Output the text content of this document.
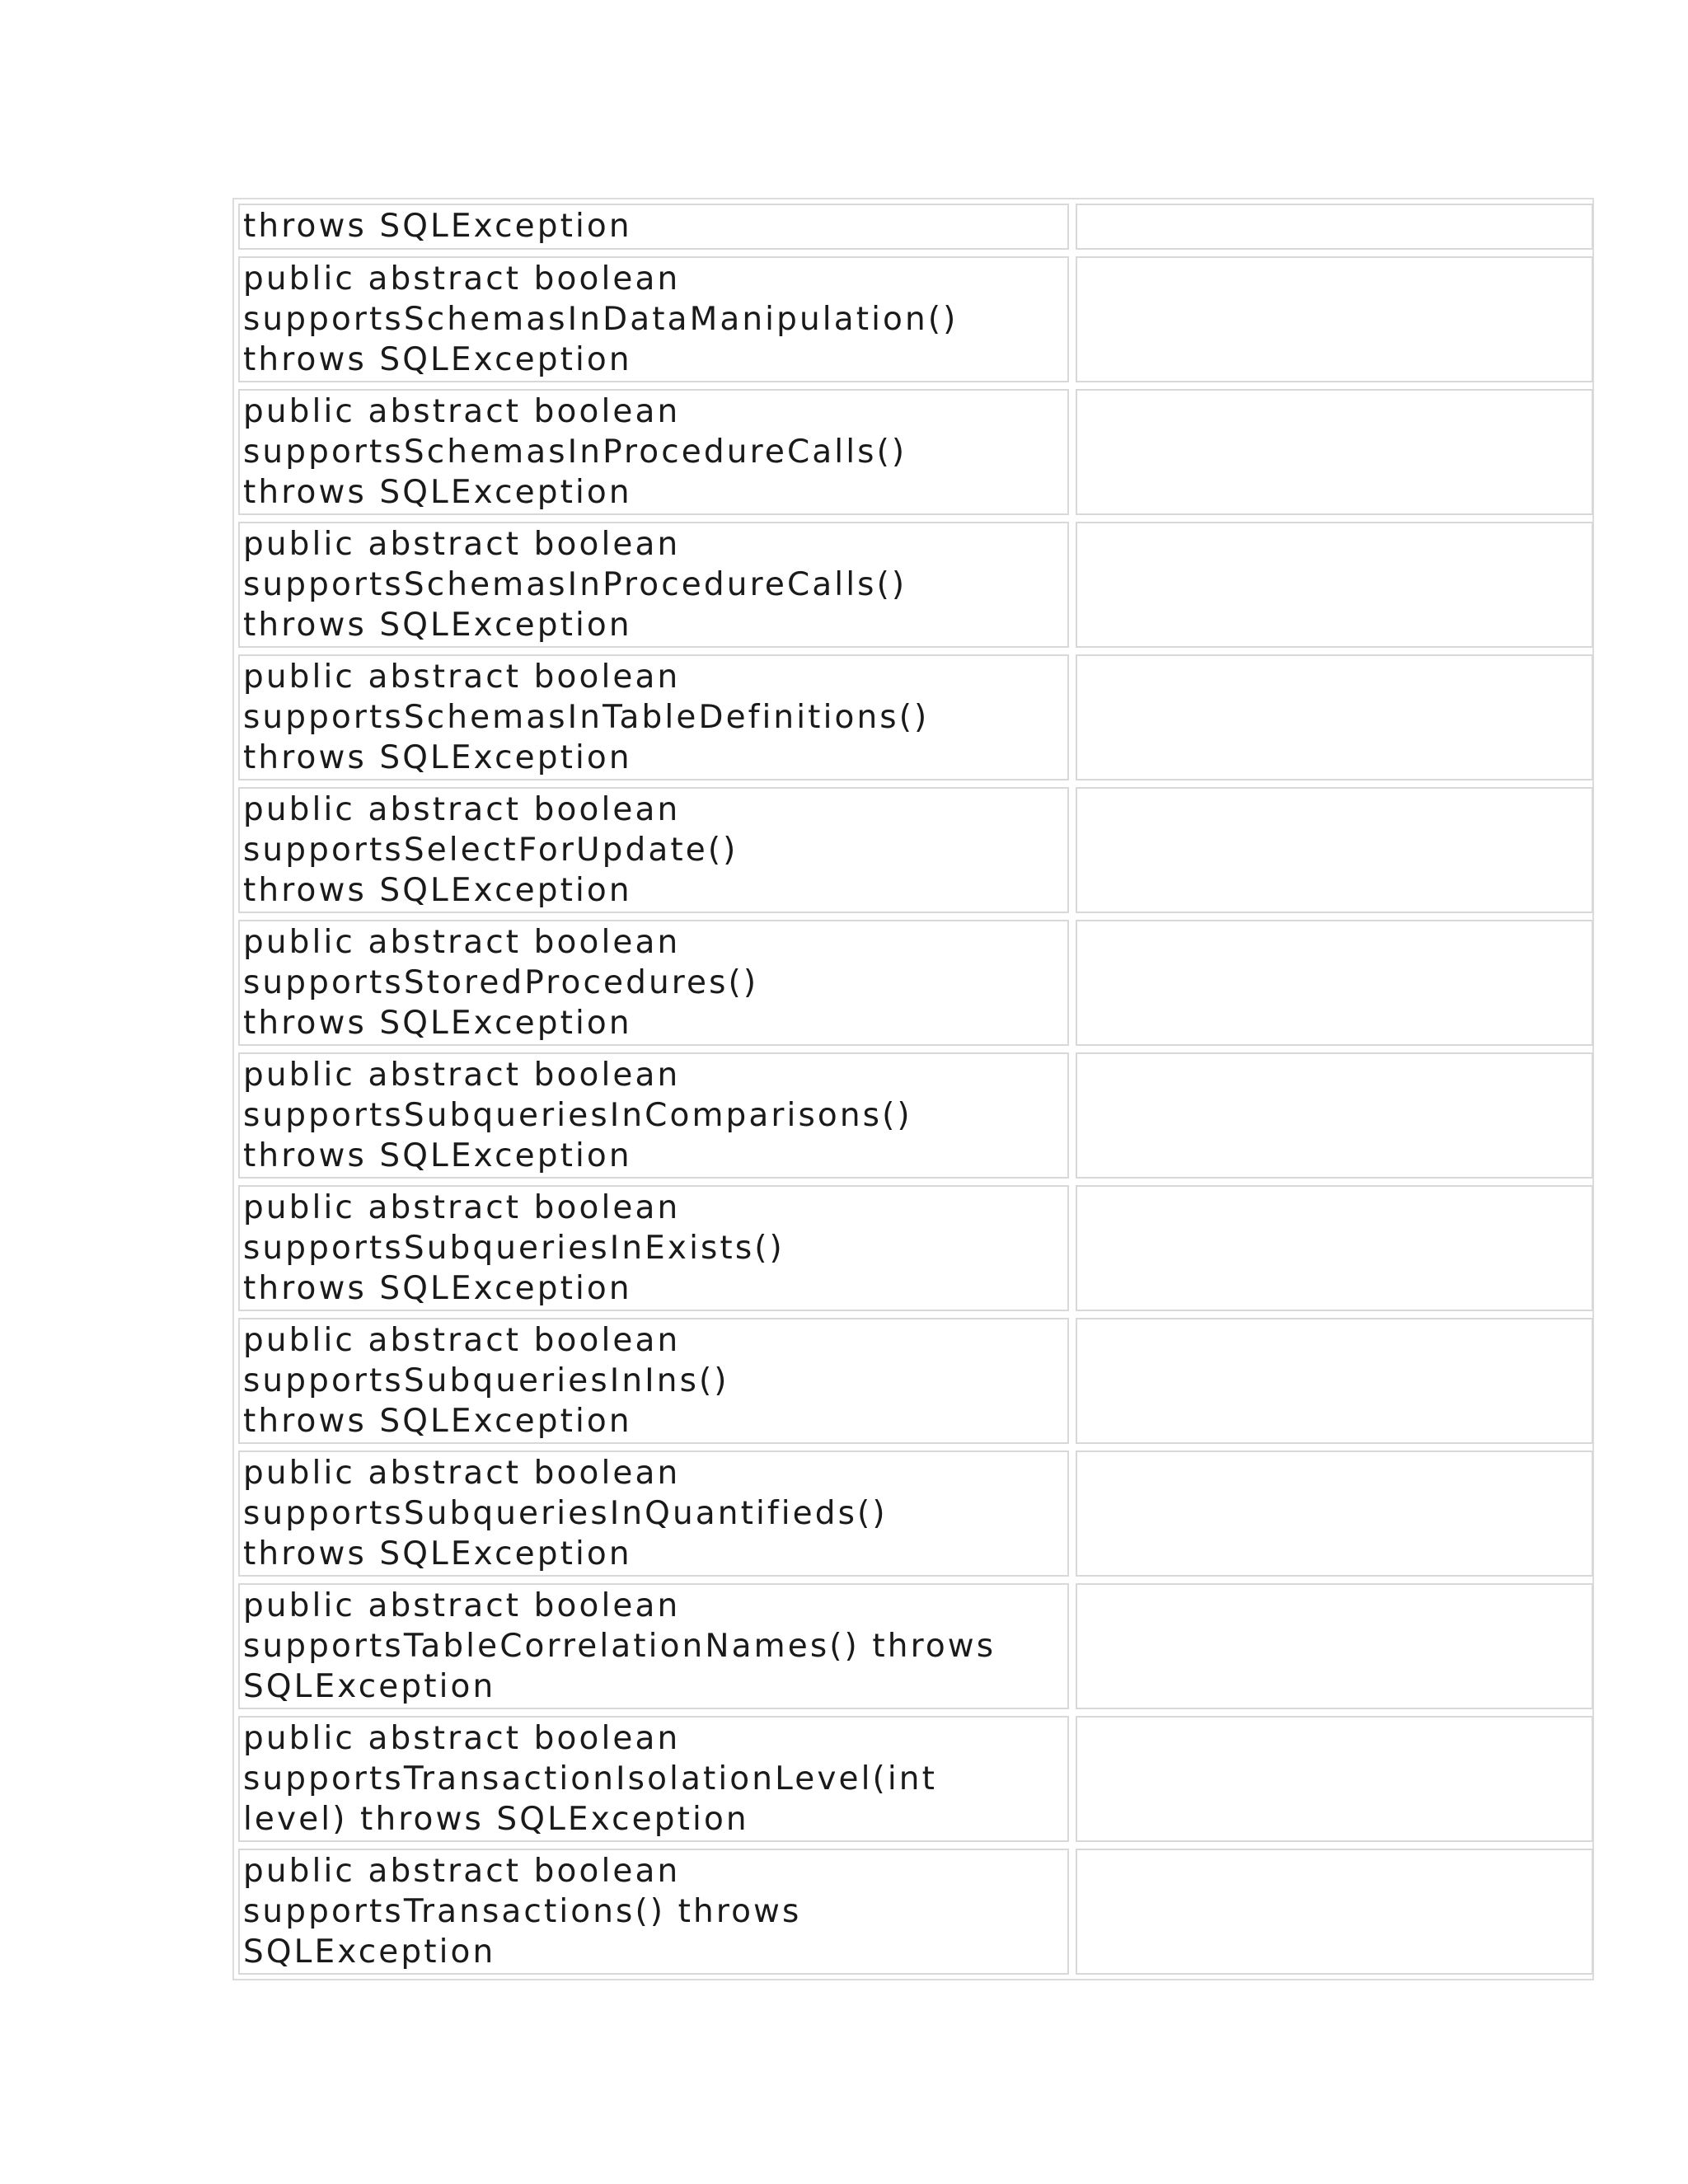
throws SQLException		

public abstract boolean
supportsSchemasInDataManipulation()
throws SQLException		

public abstract boolean
supportsSchemasInProcedureCalls()
throws SQLException		

public abstract boolean
supportsSchemasInProcedureCalls()
throws SQLException		

public abstract boolean
supportsSchemasInTableDefinitions()
throws SQLException		

public abstract boolean
supportsSelectForUpdate()
throws SQLException		

public abstract boolean
supportsStoredProcedures()
throws SQLException		

public abstract boolean
supportsSubqueriesInComparisons()
throws SQLException		

public abstract boolean
supportsSubqueriesInExists()
throws SQLException		

public abstract boolean
supportsSubqueriesInIns()
throws SQLException		

public abstract boolean
supportsSubqueriesInQuantifieds()
throws SQLException		

public abstract boolean
supportsTableCorrelationNames() throws
SQLException		

public abstract boolean
supportsTransactionIsolationLevel(int
level) throws SQLException		

public abstract boolean
supportsTransactions() throws
SQLException		
